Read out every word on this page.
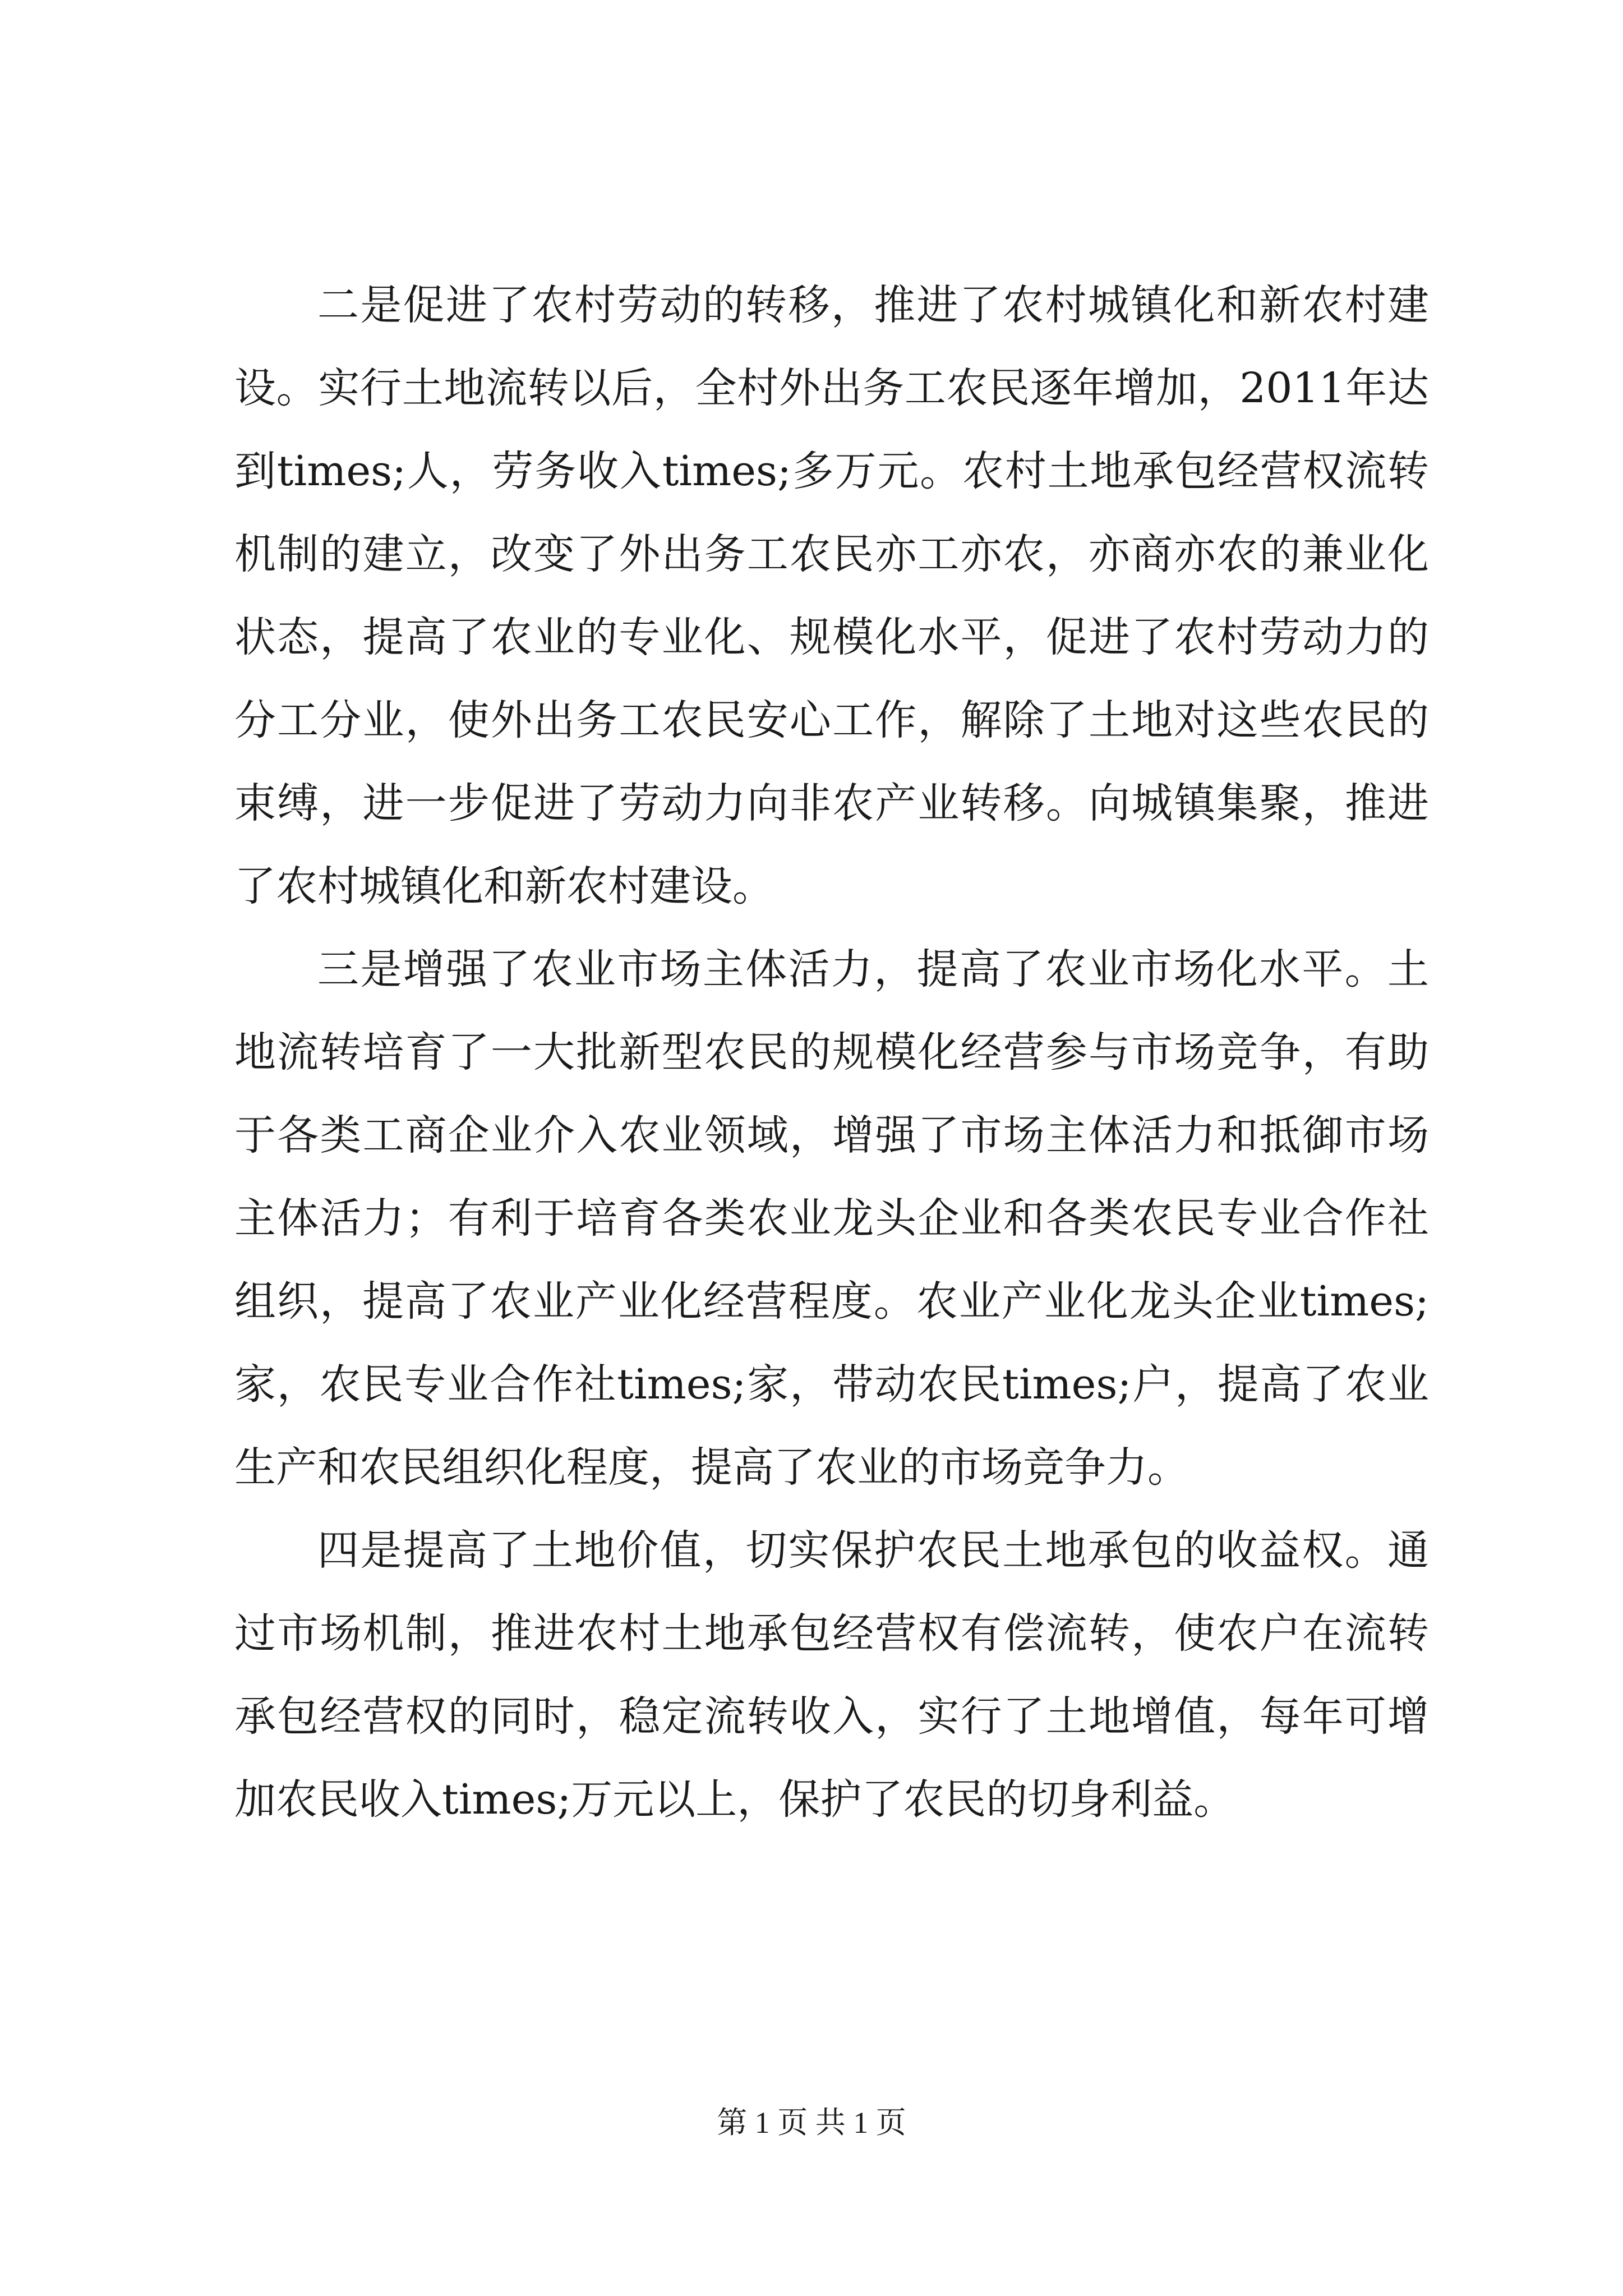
二是促进了农村劳动的转移，推进了农村城镇化和新农村建设。实行土地流转以后，全村外出务工农民逐年增加，2011年达到times;人，劳务收入times;多万元。农村土地承包经营权流转机制的建立，改变了外出务工农民亦工亦农，亦商亦农的兼业化状态，提高了农业的专业化、规模化水平，促进了农村劳动力的分工分业，使外出务工农民安心工作，解除了土地对这些农民的束缚，进一步促进了劳动力向非农产业转移。向城镇集聚，推进了农村城镇化和新农村建设。

三是增强了农业市场主体活力，提高了农业市场化水平。土地流转培育了一大批新型农民的规模化经营参与市场竞争，有助于各类工商企业介入农业领域，增强了市场主体活力和抵御市场主体活力；有利于培育各类农业龙头企业和各类农民专业合作社组织，提高了农业产业化经营程度。农业产业化龙头企业times;家，农民专业合作社times;家，带动农民times;户，提高了农业生产和农民组织化程度，提高了农业的市场竞争力。

四是提高了土地价值，切实保护农民土地承包的收益权。通过市场机制，推进农村土地承包经营权有偿流转，使农户在流转承包经营权的同时，稳定流转收入，实行了土地增值，每年可增加农民收入times;万元以上，保护了农民的切身利益。

第 1 页 共 1 页
